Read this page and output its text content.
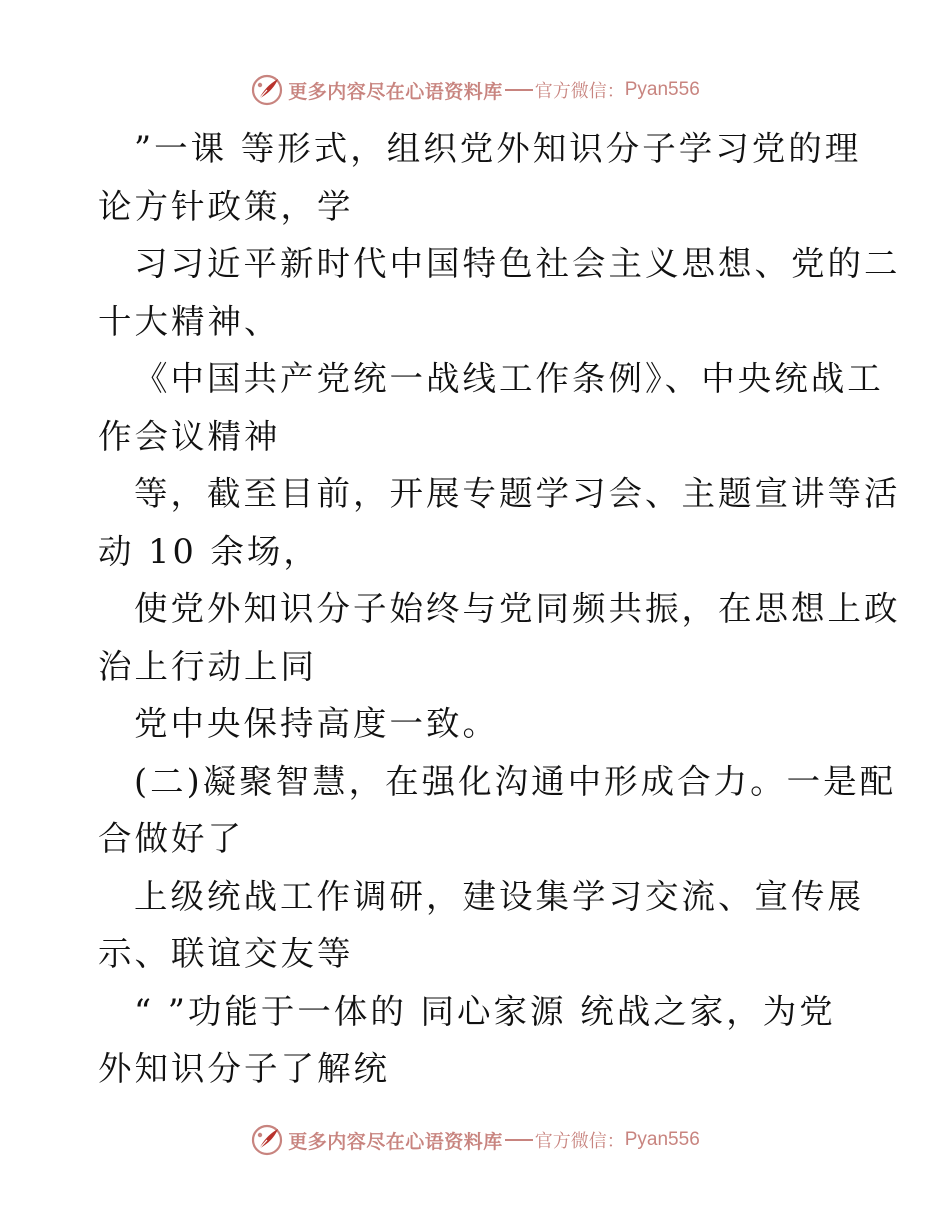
更多内容尽在心语资料库 官方微信： Pyan556
”一课 等形式，组织党外知识分子学习党的理
论方针政策，学
习习近平新时代中国特色社会主义思想、党的二
十大精神、
《中国共产党统一战线工作条例》、中央统战工
作会议精神
等，截至目前，开展专题学习会、主题宣讲等活
动 10 余场，
使党外知识分子始终与党同频共振，在思想上政
治上行动上同
党中央保持高度一致。
(二)凝聚智慧，在强化沟通中形成合力。一是配
合做好了
上级统战工作调研，建设集学习交流、宣传展
示、联谊交友等
“ ”功能于一体的 同心家源 统战之家，为党
外知识分子了解统
更多内容尽在心语资料库 官方微信： Pyan556
